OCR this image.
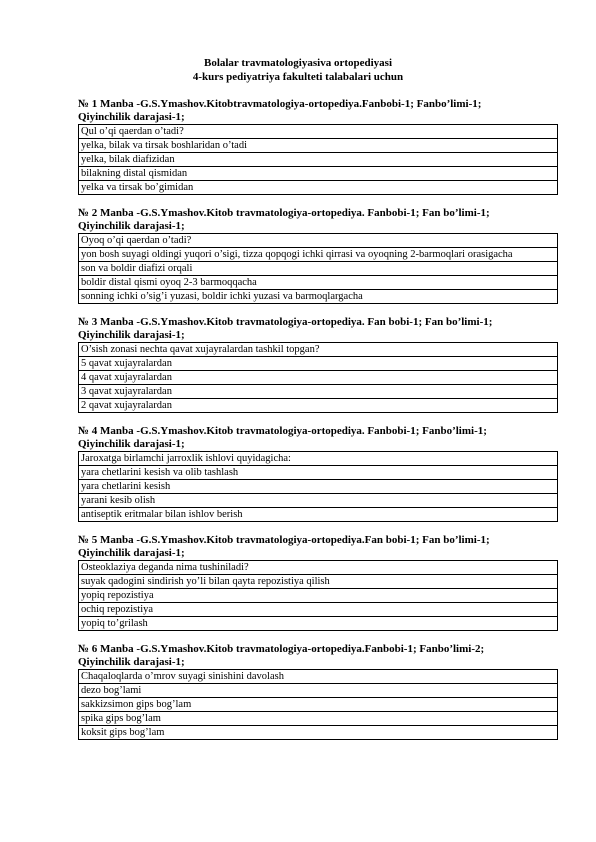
Bolalar travmatologiyasiva ortopediyasi

4-kurs pediyatriya fakulteti talabalari uchun

№ 1 Manba -G.S.Ymashov.Kitobtravmatologiya-ortopediya.Fanbobi-1; Fanbo’limi-1;

Qiyinchilik darajasi-1;

Qul o’qi qaerdan o’tadi?
yelka, bilak va tirsak boshlaridan o’tadi
yelka, bilak diafizidan
bilakning distal qismidan
yelka va tirsak bo’gimidan

№ 2 Manba -G.S.Ymashov.Kitob travmatologiya-ortopediya. Fanbobi-1; Fan bo’limi-1;

Qiyinchilik darajasi-1;

Oyoq o’qi qaerdan o’tadi?
yon bosh suyagi oldingi yuqori o’sigi, tizza qopqogi ichki qirrasi va oyoqning 2-barmoqlari orasigacha
son va boldir diafizi orqali
boldir distal qismi oyoq 2-3 barmoqqacha
sonning ichki o’sig’i yuzasi, boldir ichki yuzasi va barmoqlargacha

№ 3 Manba -G.S.Ymashov.Kitob travmatologiya-ortopediya. Fan bobi-1; Fan bo’limi-1;

Qiyinchilik darajasi-1;

O’sish zonasi nechta qavat xujayralardan tashkil topgan?
5 qavat xujayralardan
4 qavat xujayralardan
3 qavat xujayralardan
2 qavat xujayralardan

№ 4 Manba -G.S.Ymashov.Kitob travmatologiya-ortopediya. Fanbobi-1; Fanbo’limi-1;

Qiyinchilik darajasi-1;

Jaroxatga birlamchi jarroxlik ishlovi quyidagicha:
yara chetlarini kesish va olib tashlash
yara chetlarini kesish
yarani kesib olish
antiseptik eritmalar bilan ishlov berish

№ 5 Manba -G.S.Ymashov.Kitob travmatologiya-ortopediya.Fan bobi-1; Fan bo’limi-1;

Qiyinchilik darajasi-1;

Osteoklaziya deganda nima tushiniladi?
suyak qadogini sindirish yo’li bilan qayta repozistiya qilish
yopiq repozistiya
ochiq repozistiya
yopiq to’grilash

№ 6 Manba -G.S.Ymashov.Kitob travmatologiya-ortopediya.Fanbobi-1; Fanbo’limi-2;

Qiyinchilik darajasi-1;

Chaqaloqlarda o’mrov suyagi sinishini davolash
dezo bog’lami
sakkizsimon gips bog’lam
spika gips bog’lam
koksit gips bog’lam
